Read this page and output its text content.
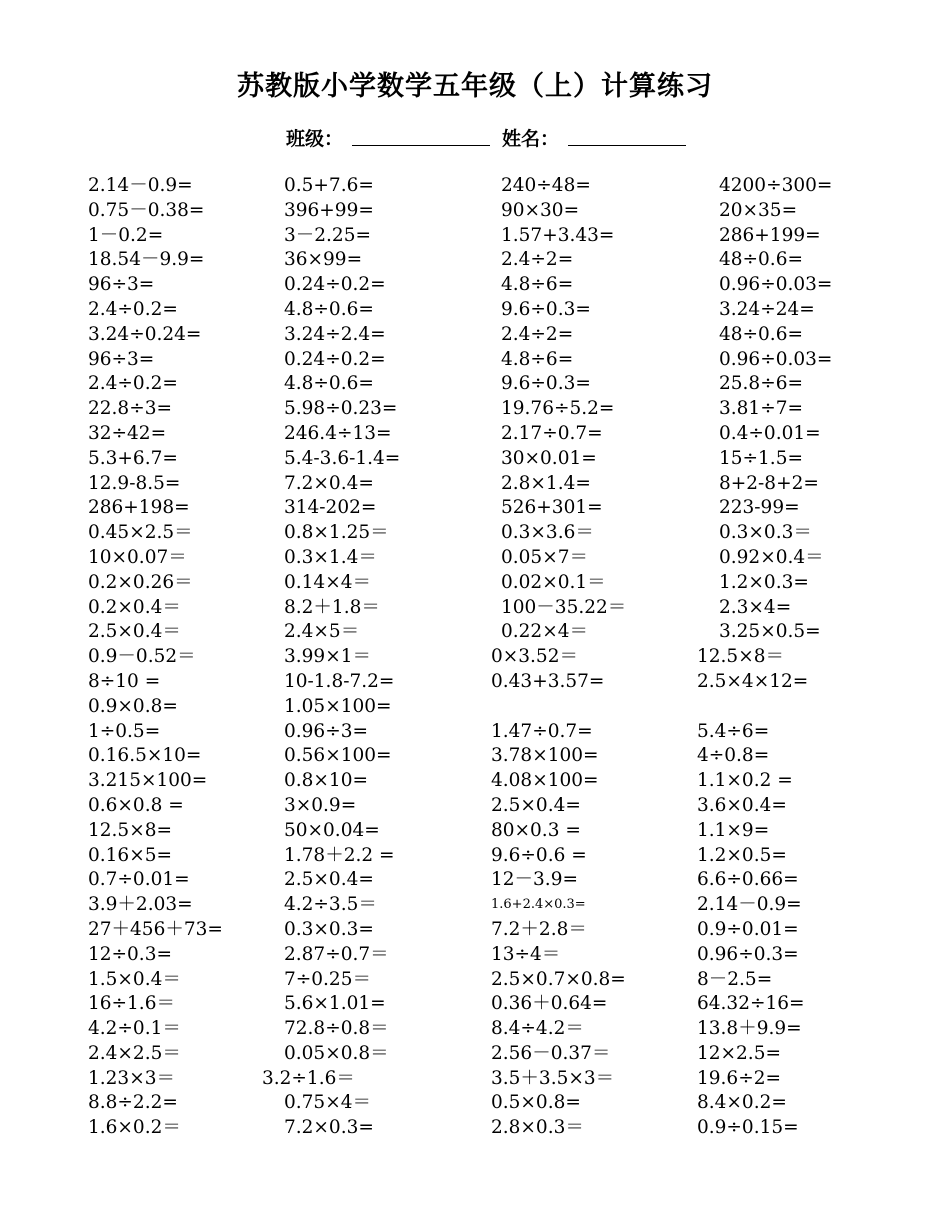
苏教版小学数学五年级（上）计算练习
班级：	姓名：
2.14－0.9=
0.75－0.38=
1－0.2=
18.54－9.9=
96÷3=
2.4÷0.2=
3.24÷0.24=
96÷3=
2.4÷0.2=
22.8÷3=
32÷42=
5.3+6.7=
12.9-8.5=
286+198=
0.45×2.5＝
10×0.07＝
0.2×0.26＝
0.2×0.4＝
2.5×0.4＝
0.9－0.52＝
8÷10 =
0.9×0.8=
1÷0.5=
0.16.5×10=
3.215×100=
0.6×0.8 =
12.5×8=
0.16×5=
0.7÷0.01=
3.9＋2.03=
27＋456＋73=
12÷0.3=
1.5×0.4＝
16÷1.6＝
4.2÷0.1＝
2.4×2.5＝
1.23×3＝
8.8÷2.2=
1.6×0.2＝
0.5+7.6=
396+99=
3－2.25=
36×99=
0.24÷0.2=
4.8÷0.6=
3.24÷2.4=
0.24÷0.2=
4.8÷0.6=
5.98÷0.23=
246.4÷13=
5.4-3.6-1.4=
7.2×0.4=
314-202=
0.8×1.25＝
0.3×1.4＝
0.14×4＝
8.2＋1.8＝
2.4×5＝
3.99×1＝
10-1.8-7.2=
1.05×100=
0.96÷3=
0.56×100=
0.8×10=
3×0.9=
50×0.04=
1.78＋2.2 =
2.5×0.4=
4.2÷3.5＝
0.3×0.3=
2.87÷0.7＝
7÷0.25＝
5.6×1.01=
72.8÷0.8＝
0.05×0.8＝
3.2÷1.6＝
0.75×4＝
7.2×0.3=
240÷48=
90×30=
1.57+3.43=
2.4÷2=
4.8÷6=
9.6÷0.3=
2.4÷2=
4.8÷6=
9.6÷0.3=
19.76÷5.2=
2.17÷0.7=
30×0.01=
2.8×1.4=
526+301=
0.3×3.6＝
0.05×7＝
0.02×0.1＝
100－35.22＝
0.22×4＝
0×3.52＝
0.43+3.57=
1.47÷0.7=
3.78×100=
4.08×100=
2.5×0.4=
80×0.3 =
9.6÷0.6 =
12－3.9=
1.6+2.4×0.3=
7.2＋2.8＝
13÷4＝
2.5×0.7×0.8=
0.36＋0.64=
8.4÷4.2＝
2.56－0.37＝
3.5＋3.5×3＝
0.5×0.8=
2.8×0.3＝
4200÷300=
20×35=
286+199=
48÷0.6=
0.96÷0.03=
3.24÷24=
48÷0.6=
0.96÷0.03=
25.8÷6=
3.81÷7=
0.4÷0.01=
15÷1.5=
8+2-8+2=
223-99=
0.3×0.3＝
0.92×0.4＝
1.2×0.3=
2.3×4=
3.25×0.5=
12.5×8＝
2.5×4×12=
5.4÷6=
4÷0.8=
1.1×0.2 =
3.6×0.4=
1.1×9=
1.2×0.5=
6.6÷0.66=
2.14－0.9=
0.9÷0.01=
0.96÷0.3=
8－2.5=
64.32÷16=
13.8＋9.9=
12×2.5=
19.6÷2=
8.4×0.2=
0.9÷0.15=
